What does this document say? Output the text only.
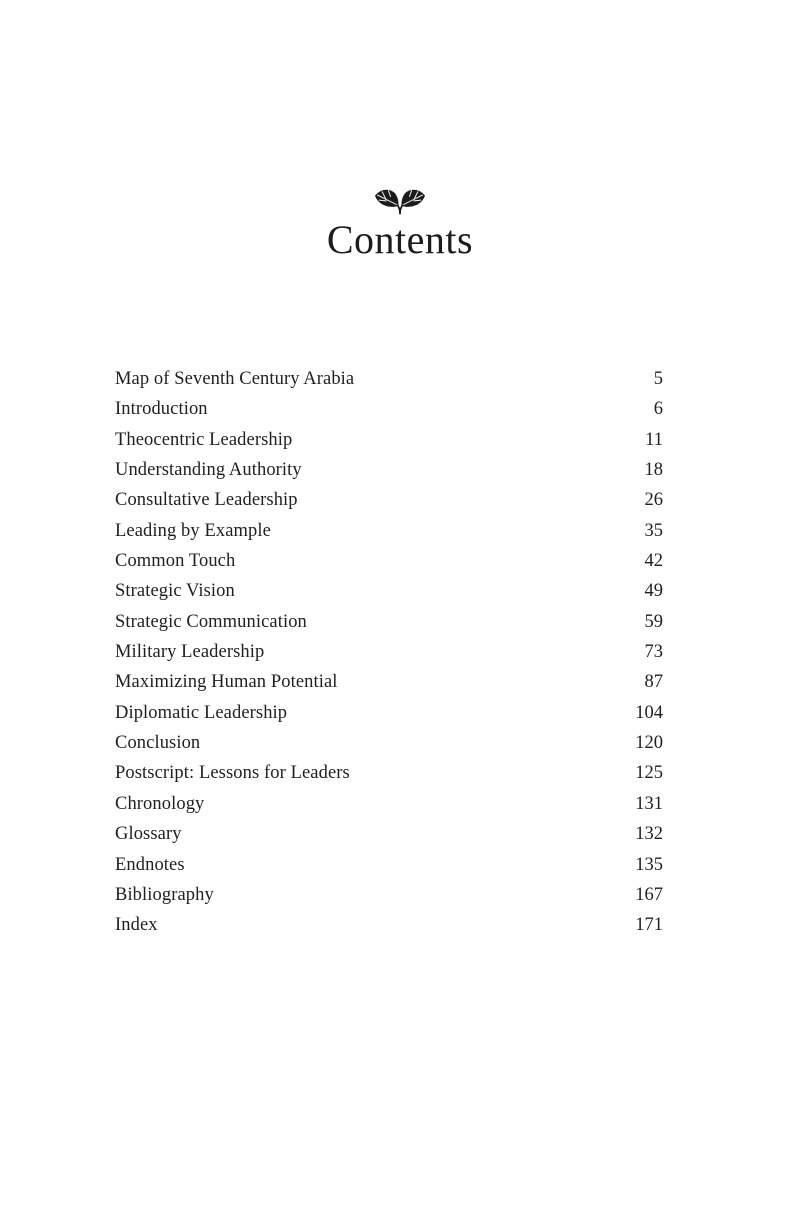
Contents
Map of Seventh Century Arabia	5
Introduction	6
Theocentric Leadership	11
Understanding Authority	18
Consultative Leadership	26
Leading by Example	35
Common Touch	42
Strategic Vision	49
Strategic Communication	59
Military Leadership	73
Maximizing Human Potential	87
Diplomatic Leadership	104
Conclusion	120
Postscript: Lessons for Leaders	125
Chronology	131
Glossary	132
Endnotes	135
Bibliography	167
Index	171
